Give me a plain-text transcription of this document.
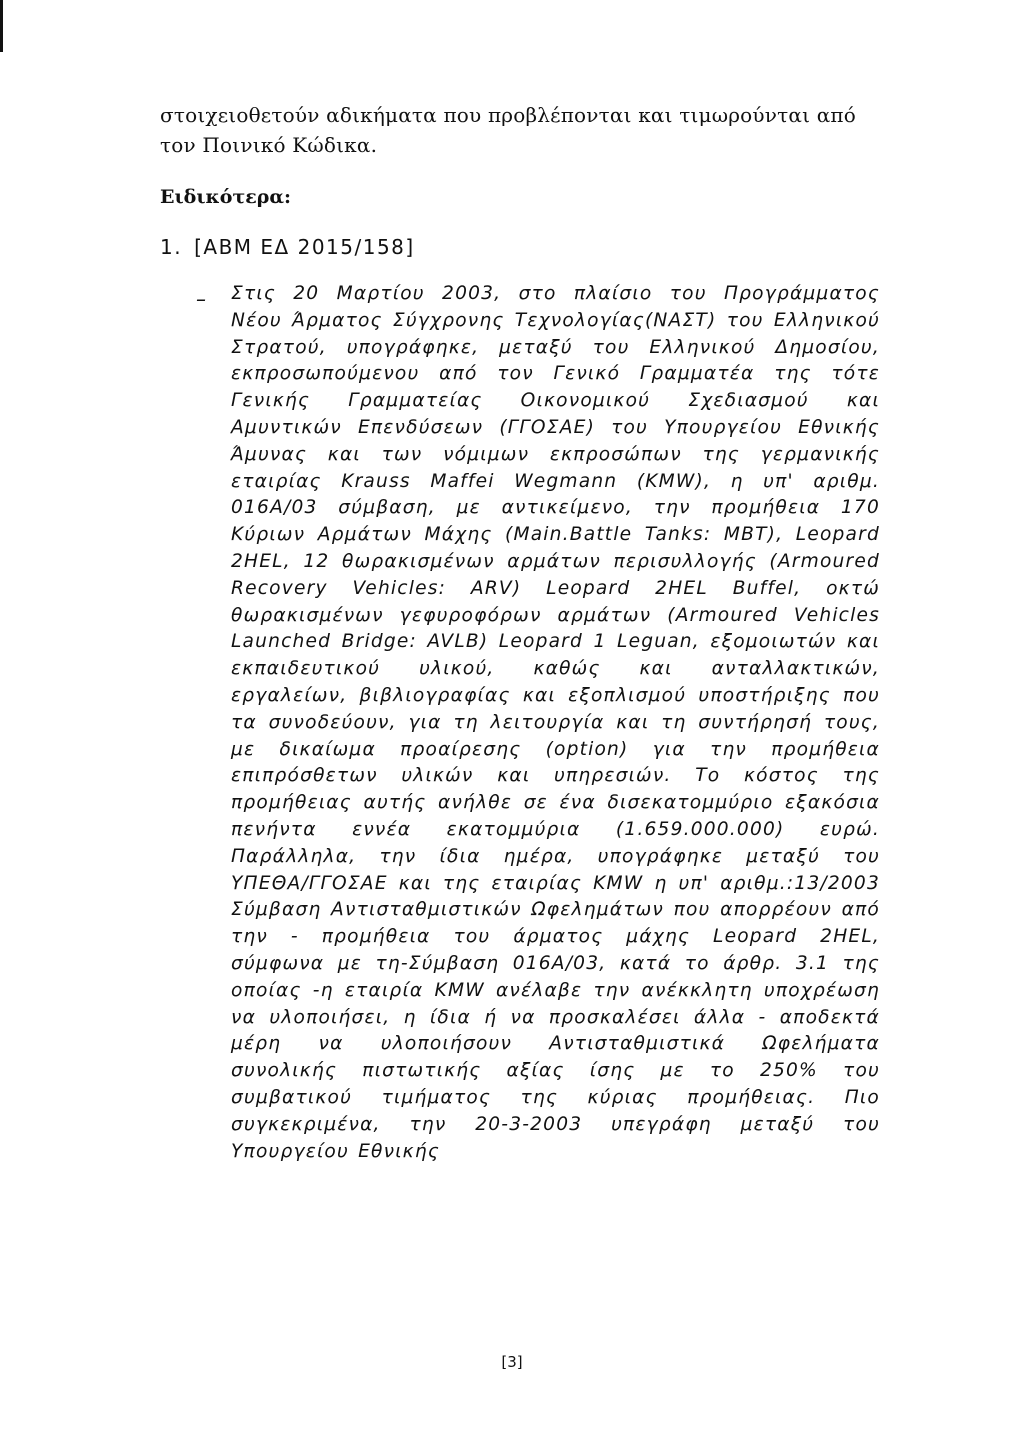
στοιχειοθετούν αδικήματα που προβλέπονται και τιμωρούνται από τον Ποινικό Κώδικα.

Ειδικότερα:

1. [ΑΒΜ ΕΔ 2015/158]

– Στις 20 Μαρτίου 2003, στο πλαίσιο του Προγράμματος Νέου Άρματος Σύγχρονης Τεχνολογίας(ΝΑΣΤ) του Ελληνικού Στρατού, υπογράφηκε, μεταξύ του Ελληνικού Δημοσίου, εκπροσωπούμενου από τον Γενικό Γραμματέα της τότε Γενικής Γραμματείας Οικονομικού Σχεδιασμού και Αμυντικών Επενδύσεων (ΓΓΟΣΑΕ) του Υπουργείου Εθνικής Άμυνας και των νόμιμων εκπροσώπων της γερμανικής εταιρίας Krauss Maffei Wegmann (KMW), η υπ' αριθμ. 016A/03 σύμβαση, με αντικείμενο, την προμήθεια 170 Κύριων Αρμάτων Μάχης (Main.Battle Tanks: MBT), Leopard 2HEL, 12 θωρακισμένων αρμάτων περισυλλογής (Armoured Recovery Vehicles: ARV) Leopard 2HEL Buffel, οκτώ θωρακισμένων γεφυροφόρων αρμάτων (Armoured Vehicles Launched Bridge: AVLB) Leopard 1 Leguan, εξομοιωτών και εκπαιδευτικού υλικού, καθώς και ανταλλακτικών, εργαλείων, βιβλιογραφίας και εξοπλισμού υποστήριξης που τα συνοδεύουν, για τη λειτουργία και τη συντήρησή τους, με δικαίωμα προαίρεσης (option) για την προμήθεια επιπρόσθετων υλικών και υπηρεσιών. Το κόστος της προμήθειας αυτής ανήλθε σε ένα δισεκατομμύριο εξακόσια πενήντα εννέα εκατομμύρια (1.659.000.000) ευρώ. Παράλληλα, την ίδια ημέρα, υπογράφηκε μεταξύ του ΥΠΕΘΑ/ΓΓΟΣΑΕ και της εταιρίας KMW η υπ' αριθμ.:13/2003 Σύμβαση Αντισταθμιστικών Ωφελημάτων που απορρέουν από την - προμήθεια του άρματος μάχης Leopard 2HEL, σύμφωνα με τη-Σύμβαση 016A/03, κατά το άρθρ. 3.1 της οποίας -η εταιρία KMW ανέλαβε την ανέκκλητη υποχρέωση να υλοποιήσει, η ίδια ή να προσκαλέσει άλλα - αποδεκτά μέρη να υλοποιήσουν Αντισταθμιστικά Ωφελήματα συνολικής πιστωτικής αξίας ίσης με το 250% του συμβατικού τιμήματος της κύριας προμήθειας. Πιο συγκεκριμένα, την 20-3-2003 υπεγράφη μεταξύ του Υπουργείου Εθνικής

[3]
